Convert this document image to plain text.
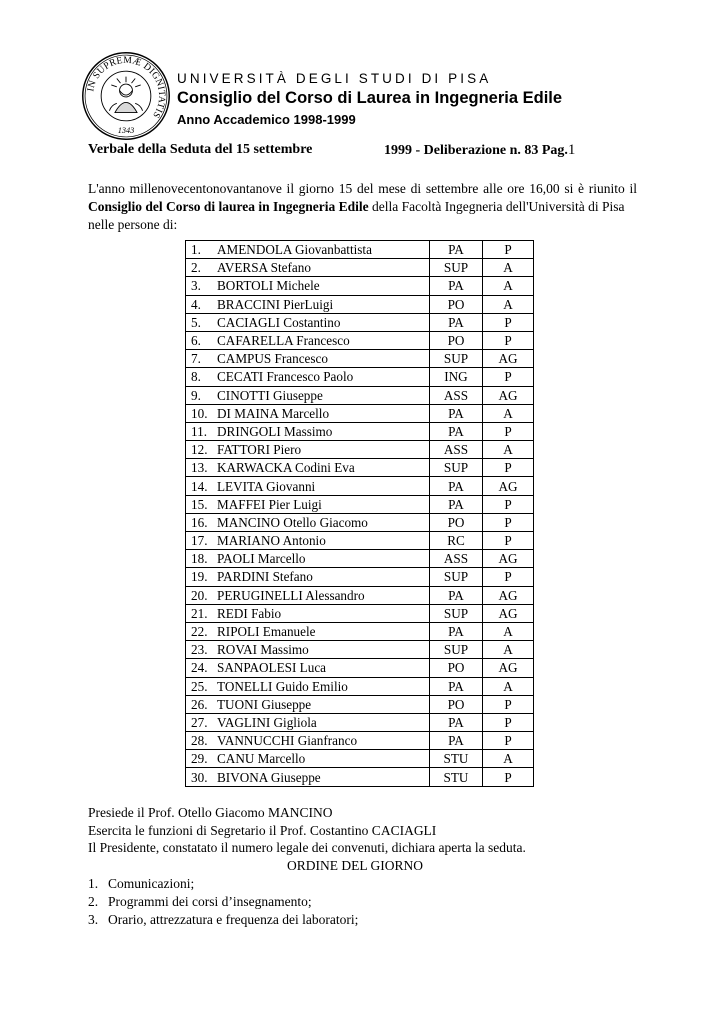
IN SUPREMÆ DIGNITATIS
1343
UNIVERSITÀ DEGLI STUDI DI PISA
Consiglio del Corso di Laurea in Ingegneria Edile
Anno Accademico 1998-1999
Verbale della Seduta del 15 settembre	1999 - Deliberazione n. 83 Pag.1
L'anno millenovecentonovantanove il giorno 15 del mese di settembre alle ore 16,00 si è riunito il
Consiglio del Corso di laurea in Ingegneria Edile della Facoltà Ingegneria dell'Università di Pisa
nelle persone di:
1. AMENDOLA Giovanbattista	PA	P
2. AVERSA Stefano	SUP	A
3. BORTOLI Michele	PA	A
4. BRACCINI PierLuigi	PO	A
5. CACIAGLI Costantino	PA	P
6. CAFARELLA Francesco	PO	P
7. CAMPUS Francesco	SUP	AG
8. CECATI Francesco Paolo	ING	P
9. CINOTTI Giuseppe	ASS	AG
10. DI MAINA Marcello	PA	A
11. DRINGOLI Massimo	PA	P
12. FATTORI Piero	ASS	A
13. KARWACKA Codini Eva	SUP	P
14. LEVITA Giovanni	PA	AG
15. MAFFEI Pier Luigi	PA	P
16. MANCINO Otello Giacomo	PO	P
17. MARIANO Antonio	RC	P
18. PAOLI Marcello	ASS	AG
19. PARDINI Stefano	SUP	P
20. PERUGINELLI Alessandro	PA	AG
21. REDI Fabio	SUP	AG
22. RIPOLI Emanuele	PA	A
23. ROVAI Massimo	SUP	A
24. SANPAOLESI Luca	PO	AG
25. TONELLI Guido Emilio	PA	A
26. TUONI Giuseppe	PO	P
27. VAGLINI Gigliola	PA	P
28. VANNUCCHI Gianfranco	PA	P
29. CANU Marcello	STU	A
30. BIVONA Giuseppe	STU	P
Presiede il Prof. Otello Giacomo MANCINO
Esercita le funzioni di Segretario il Prof. Costantino CACIAGLI
Il Presidente, constatato il numero legale dei convenuti, dichiara aperta la seduta.
ORDINE DEL GIORNO
1. Comunicazioni;
2. Programmi dei corsi d’insegnamento;
3. Orario, attrezzatura e frequenza dei laboratori;
